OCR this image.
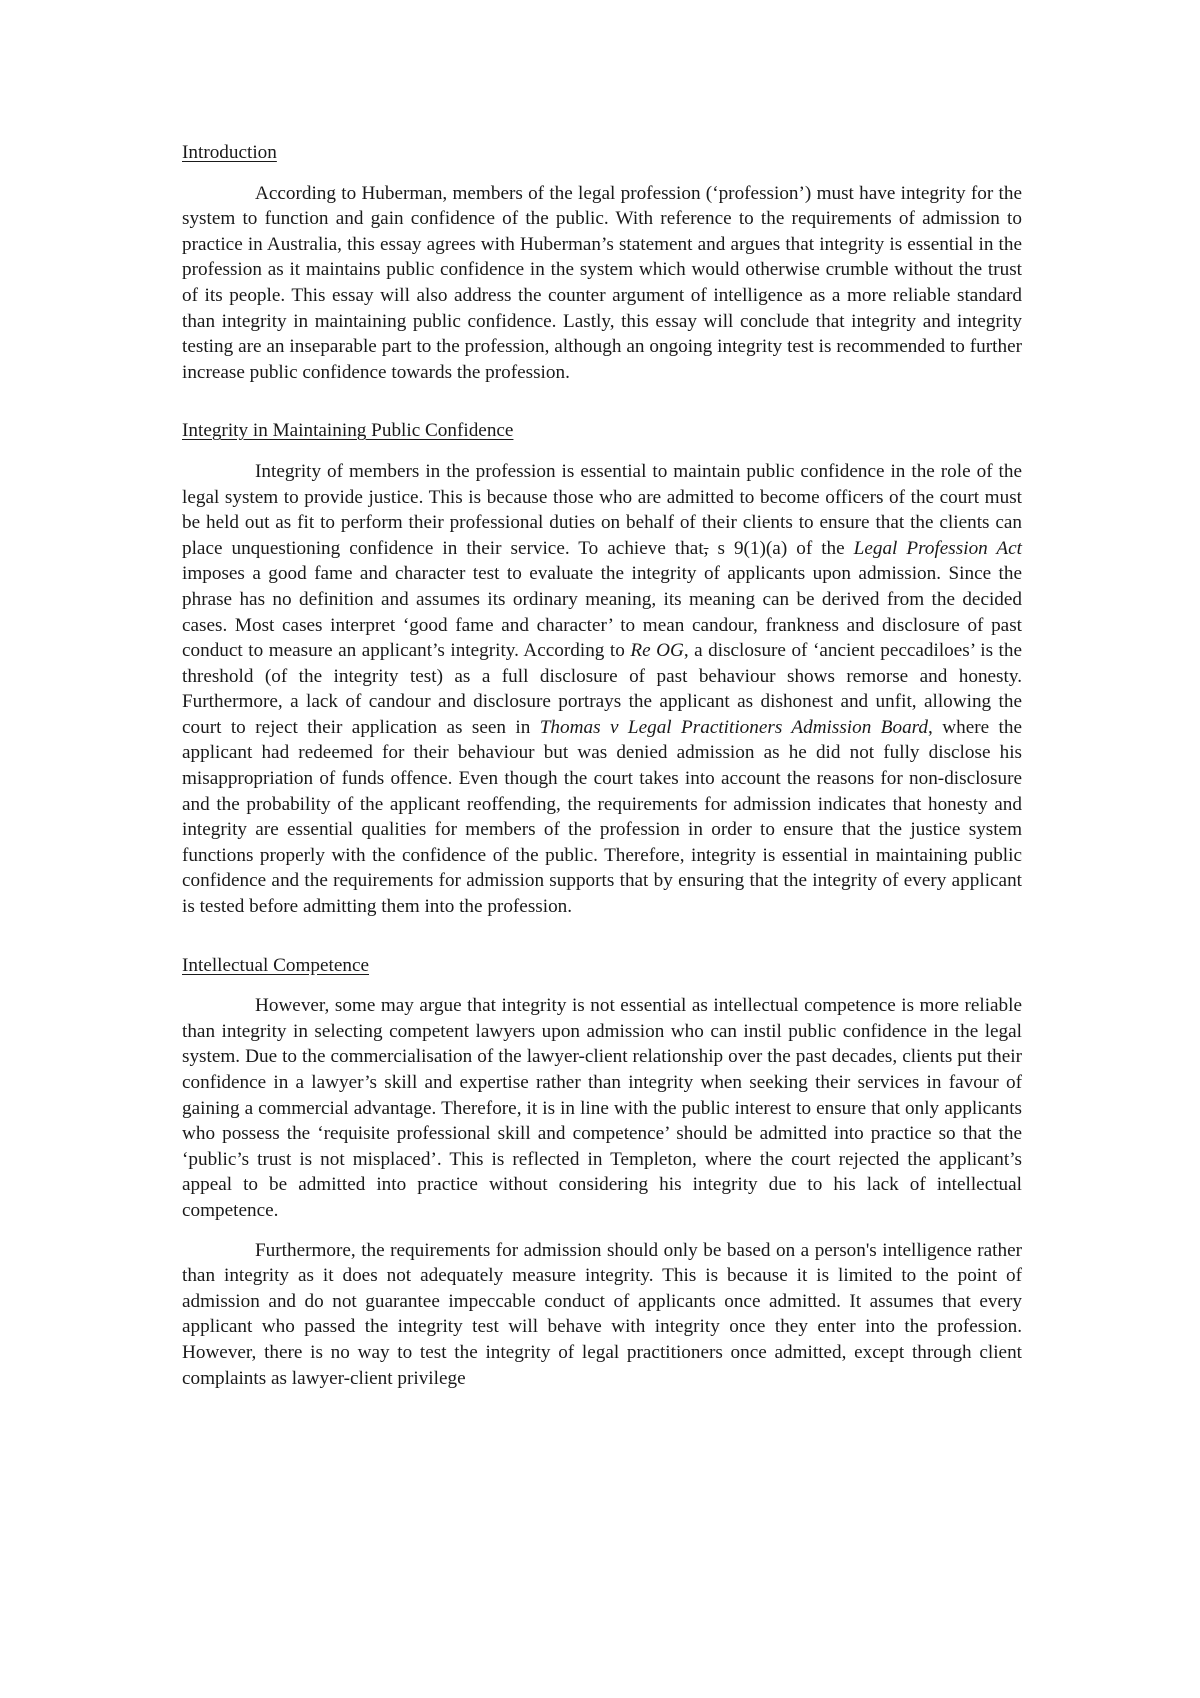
Introduction

According to Huberman, members of the legal profession (‘profession’) must have integrity for the system to function and gain confidence of the public. With reference to the requirements of admission to practice in Australia, this essay agrees with Huberman’s statement and argues that integrity is essential in the profession as it maintains public confidence in the system which would otherwise crumble without the trust of its people. This essay will also address the counter argument of intelligence as a more reliable standard than integrity in maintaining public confidence. Lastly, this essay will conclude that integrity and integrity testing are an inseparable part to the profession, although an ongoing integrity test is recommended to further increase public confidence towards the profession.

Integrity in Maintaining Public Confidence

Integrity of members in the profession is essential to maintain public confidence in the role of the legal system to provide justice. This is because those who are admitted to become officers of the court must be held out as fit to perform their professional duties on behalf of their clients to ensure that the clients can place unquestioning confidence in their service. To achieve that, s 9(1)(a) of the Legal Profession Act imposes a good fame and character test to evaluate the integrity of applicants upon admission. Since the phrase has no definition and assumes its ordinary meaning, its meaning can be derived from the decided cases. Most cases interpret ‘good fame and character’ to mean candour, frankness and disclosure of past conduct to measure an applicant’s integrity. According to Re OG, a disclosure of ‘ancient peccadiloes’ is the threshold (of the integrity test) as a full disclosure of past behaviour shows remorse and honesty. Furthermore, a lack of candour and disclosure portrays the applicant as dishonest and unfit, allowing the court to reject their application as seen in Thomas v Legal Practitioners Admission Board, where the applicant had redeemed for their behaviour but was denied admission as he did not fully disclose his misappropriation of funds offence. Even though the court takes into account the reasons for non-disclosure and the probability of the applicant reoffending, the requirements for admission indicates that honesty and integrity are essential qualities for members of the profession in order to ensure that the justice system functions properly with the confidence of the public. Therefore, integrity is essential in maintaining public confidence and the requirements for admission supports that by ensuring that the integrity of every applicant is tested before admitting them into the profession.

Intellectual Competence

However, some may argue that integrity is not essential as intellectual competence is more reliable than integrity in selecting competent lawyers upon admission who can instil public confidence in the legal system. Due to the commercialisation of the lawyer-client relationship over the past decades, clients put their confidence in a lawyer’s skill and expertise rather than integrity when seeking their services in favour of gaining a commercial advantage. Therefore, it is in line with the public interest to ensure that only applicants who possess the ‘requisite professional skill and competence’ should be admitted into practice so that the ‘public’s trust is not misplaced’. This is reflected in Templeton, where the court rejected the applicant’s appeal to be admitted into practice without considering his integrity due to his lack of intellectual competence.

Furthermore, the requirements for admission should only be based on a person's intelligence rather than integrity as it does not adequately measure integrity. This is because it is limited to the point of admission and do not guarantee impeccable conduct of applicants once admitted. It assumes that every applicant who passed the integrity test will behave with integrity once they enter into the profession. However, there is no way to test the integrity of legal practitioners once admitted, except through client complaints as lawyer-client privilege
